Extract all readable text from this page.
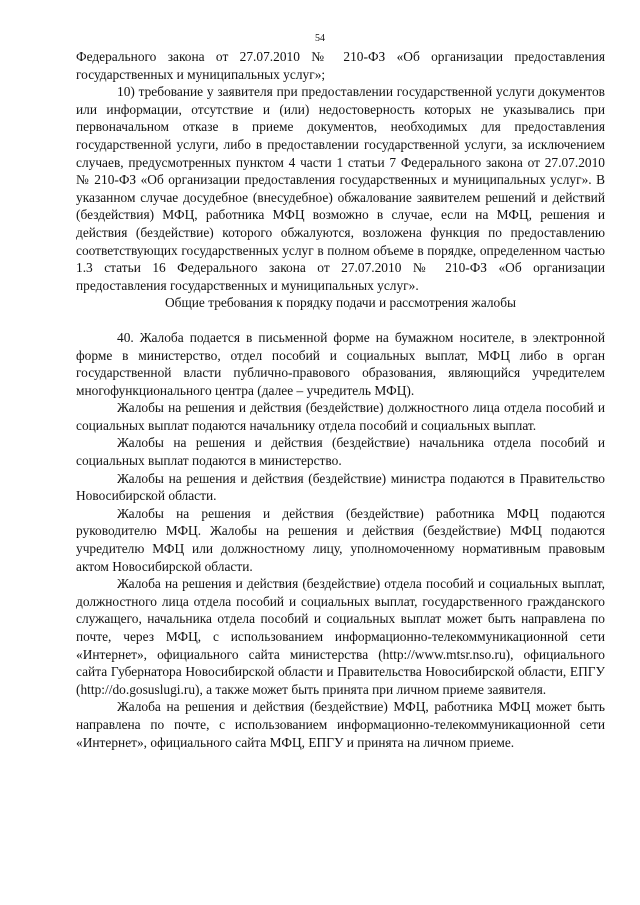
54

Федерального закона от 27.07.2010 № 210-ФЗ «Об организации предоставления государственных и муниципальных услуг»;

10) требование у заявителя при предоставлении государственной услуги документов или информации, отсутствие и (или) недостоверность которых не указывались при первоначальном отказе в приеме документов, необходимых для предоставления государственной услуги, либо в предоставлении государственной услуги, за исключением случаев, предусмотренных пунктом 4 части 1 статьи 7 Федерального закона от 27.07.2010 № 210-ФЗ «Об организации предоставления государственных и муниципальных услуг». В указанном случае досудебное (внесудебное) обжалование заявителем решений и действий (бездействия) МФЦ, работника МФЦ возможно в случае, если на МФЦ, решения и действия (бездействие) которого обжалуются, возложена функция по предоставлению соответствующих государственных услуг в полном объеме в порядке, определенном частью 1.3 статьи 16 Федерального закона от 27.07.2010 № 210-ФЗ «Об организации предоставления государственных и муниципальных услуг».

Общие требования к порядку подачи и рассмотрения жалобы

40. Жалоба подается в письменной форме на бумажном носителе, в электронной форме в министерство, отдел пособий и социальных выплат, МФЦ либо в орган государственной власти публично-правового образования, являющийся учредителем многофункционального центра (далее – учредитель МФЦ).

Жалобы на решения и действия (бездействие) должностного лица отдела пособий и социальных выплат подаются начальнику отдела пособий и социальных выплат.

Жалобы на решения и действия (бездействие) начальника отдела пособий и социальных выплат подаются в министерство.

Жалобы на решения и действия (бездействие) министра подаются в Правительство Новосибирской области.

Жалобы на решения и действия (бездействие) работника МФЦ подаются руководителю МФЦ. Жалобы на решения и действия (бездействие) МФЦ подаются учредителю МФЦ или должностному лицу, уполномоченному нормативным правовым актом Новосибирской области.

Жалоба на решения и действия (бездействие) отдела пособий и социальных выплат, должностного лица отдела пособий и социальных выплат, государственного гражданского служащего, начальника отдела пособий и социальных выплат может быть направлена по почте, через МФЦ, с использованием информационно-телекоммуникационной сети «Интернет», официального сайта министерства (http://www.mtsr.nso.ru), официального сайта Губернатора Новосибирской области и Правительства Новосибирской области, ЕПГУ (http://do.gosuslugi.ru), а также может быть принята при личном приеме заявителя.

Жалоба на решения и действия (бездействие) МФЦ, работника МФЦ может быть направлена по почте, с использованием информационно-телекоммуникационной сети «Интернет», официального сайта МФЦ, ЕПГУ и принята на личном приеме.
